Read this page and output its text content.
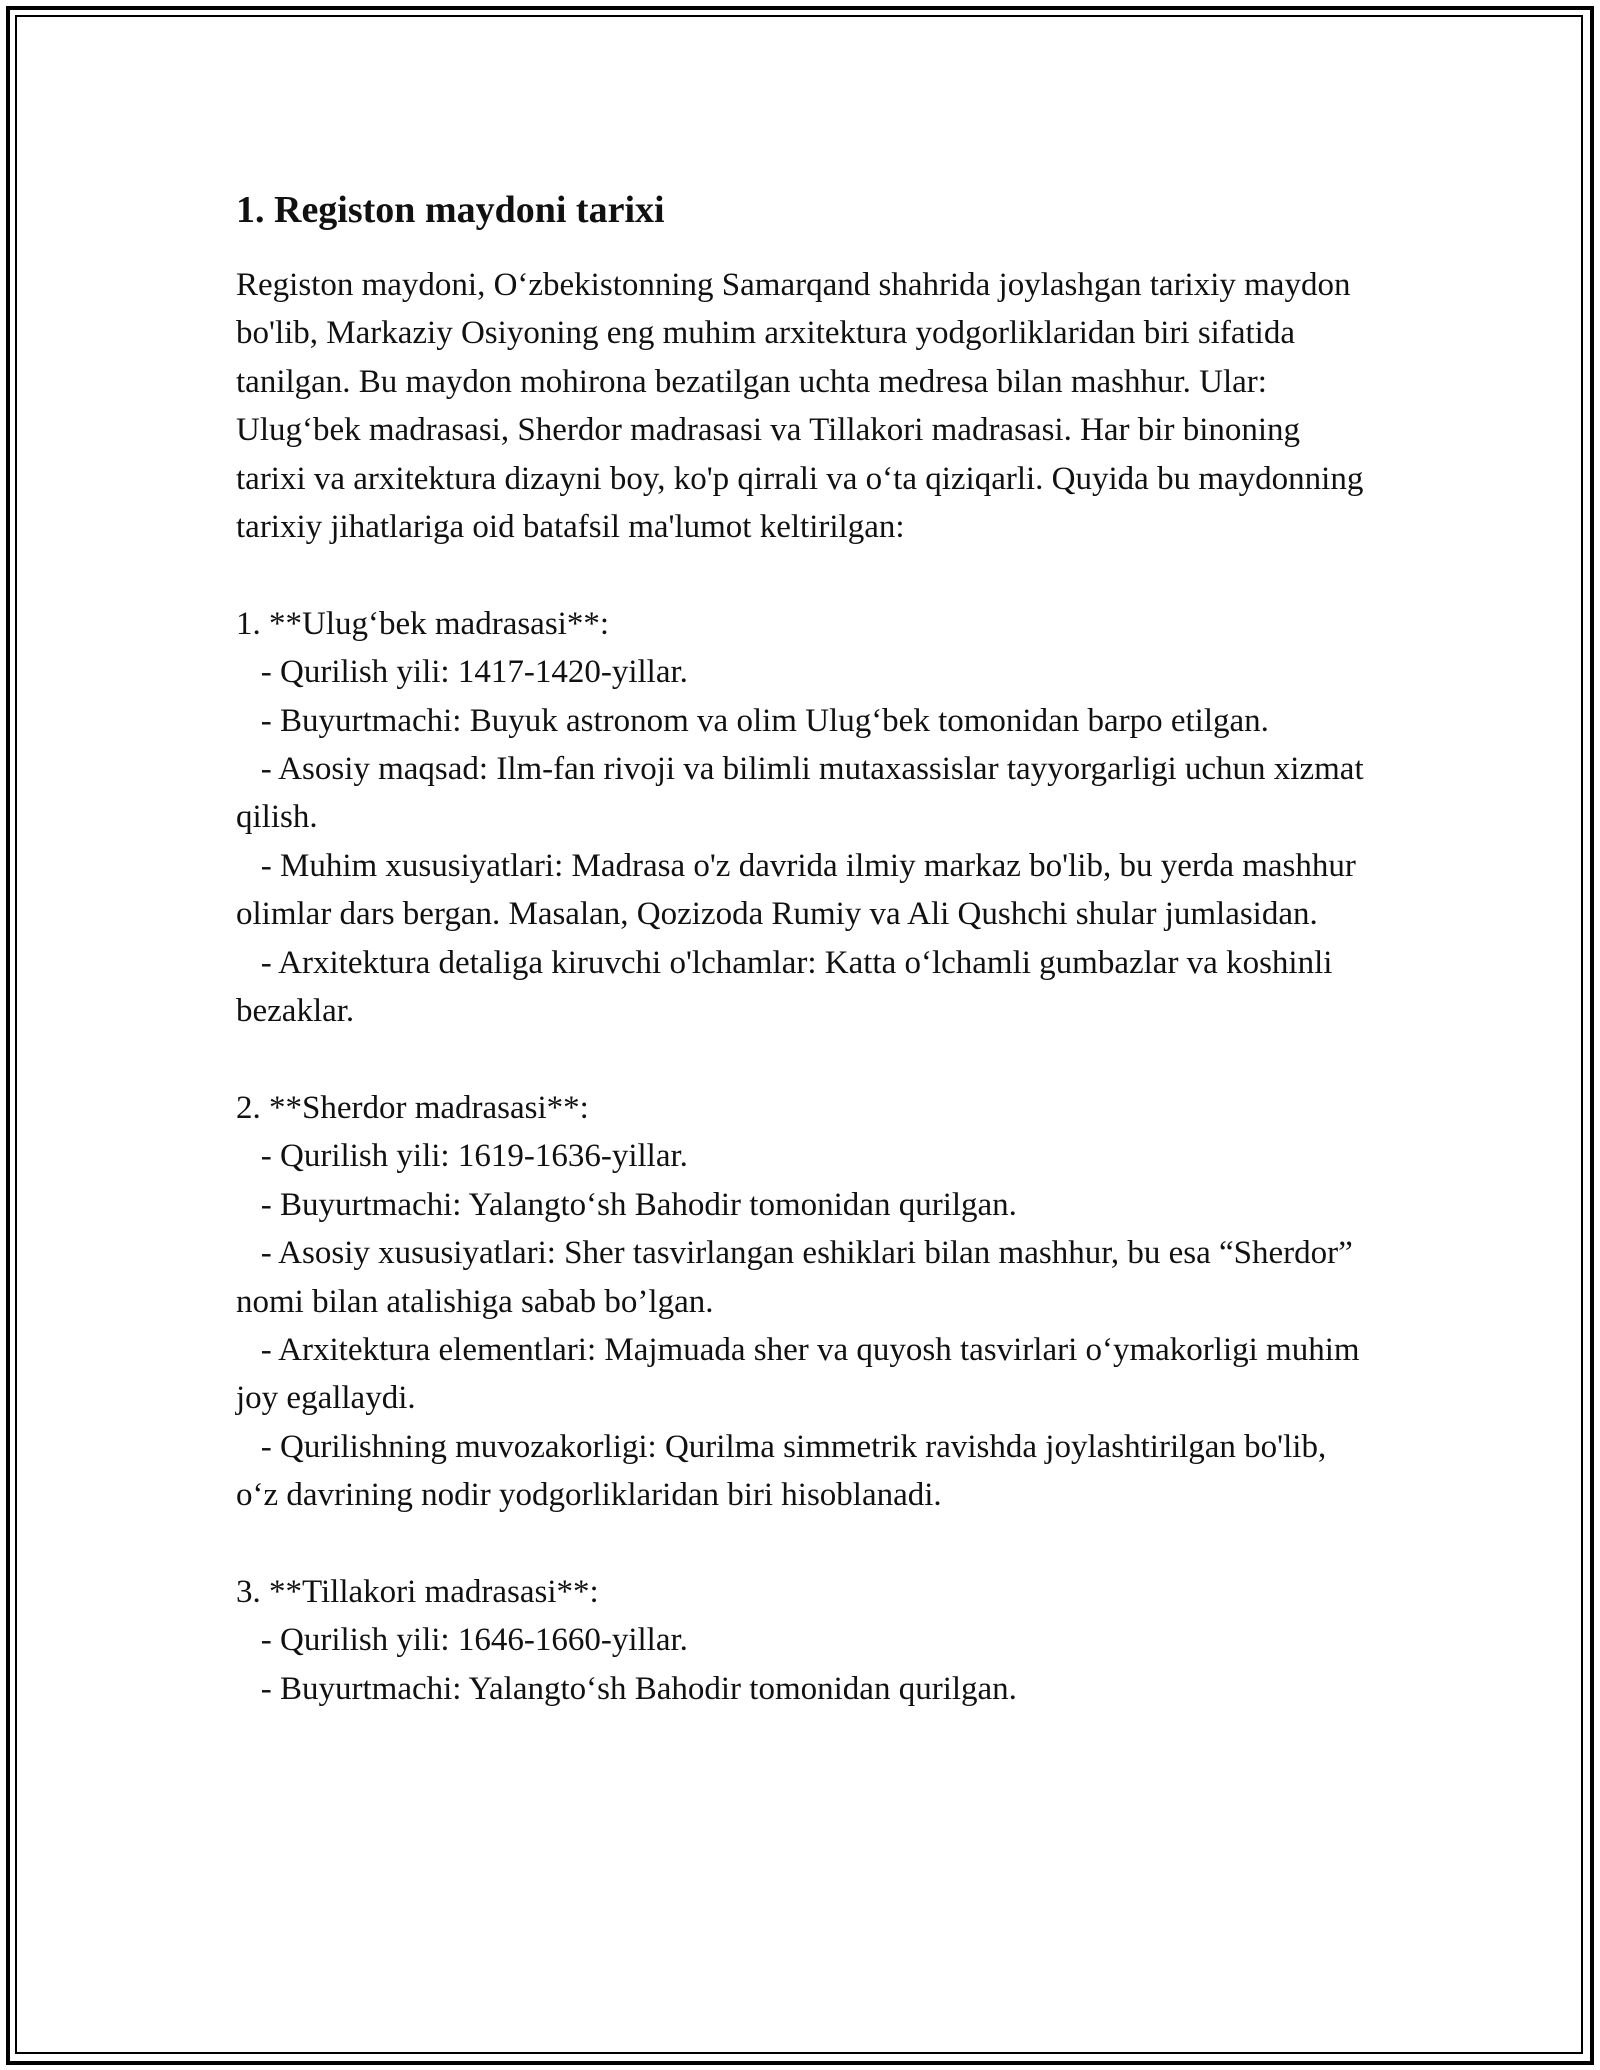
1. Registon maydoni tarixi

Registon maydoni, O‘zbekistonning Samarqand shahrida joylashgan tarixiy maydon bo'lib, Markaziy Osiyoning eng muhim arxitektura yodgorliklaridan biri sifatida tanilgan. Bu maydon mohirona bezatilgan uchta medresa bilan mashhur. Ular: Ulug‘bek madrasasi, Sherdor madrasasi va Tillakori madrasasi. Har bir binoning tarixi va arxitektura dizayni boy, ko'p qirrali va o‘ta qiziqarli. Quyida bu maydonning tarixiy jihatlariga oid batafsil ma'lumot keltirilgan:

1. **Ulug‘bek madrasasi**:

- Qurilish yili: 1417-1420-yillar.

- Buyurtmachi: Buyuk astronom va olim Ulug‘bek tomonidan barpo etilgan.

- Asosiy maqsad: Ilm-fan rivoji va bilimli mutaxassislar tayyorgarligi uchun xizmat qilish.

- Muhim xususiyatlari: Madrasa o'z davrida ilmiy markaz bo'lib, bu yerda mashhur olimlar dars bergan. Masalan, Qozizoda Rumiy va Ali Qushchi shular jumlasidan.

- Arxitektura detaliga kiruvchi o'lchamlar: Katta o‘lchamli gumbazlar va koshinli bezaklar.

2. **Sherdor madrasasi**:

- Qurilish yili: 1619-1636-yillar.

- Buyurtmachi: Yalangto‘sh Bahodir tomonidan qurilgan.

- Asosiy xususiyatlari: Sher tasvirlangan eshiklari bilan mashhur, bu esa “Sherdor” nomi bilan atalishiga sabab bo’lgan.

- Arxitektura elementlari: Majmuada sher va quyosh tasvirlari o‘ymakorligi muhim joy egallaydi.

- Qurilishning muvozakorligi: Qurilma simmetrik ravishda joylashtirilgan bo'lib, o‘z davrining nodir yodgorliklaridan biri hisoblanadi.

3. **Tillakori madrasasi**:

- Qurilish yili: 1646-1660-yillar.

- Buyurtmachi: Yalangto‘sh Bahodir tomonidan qurilgan.
